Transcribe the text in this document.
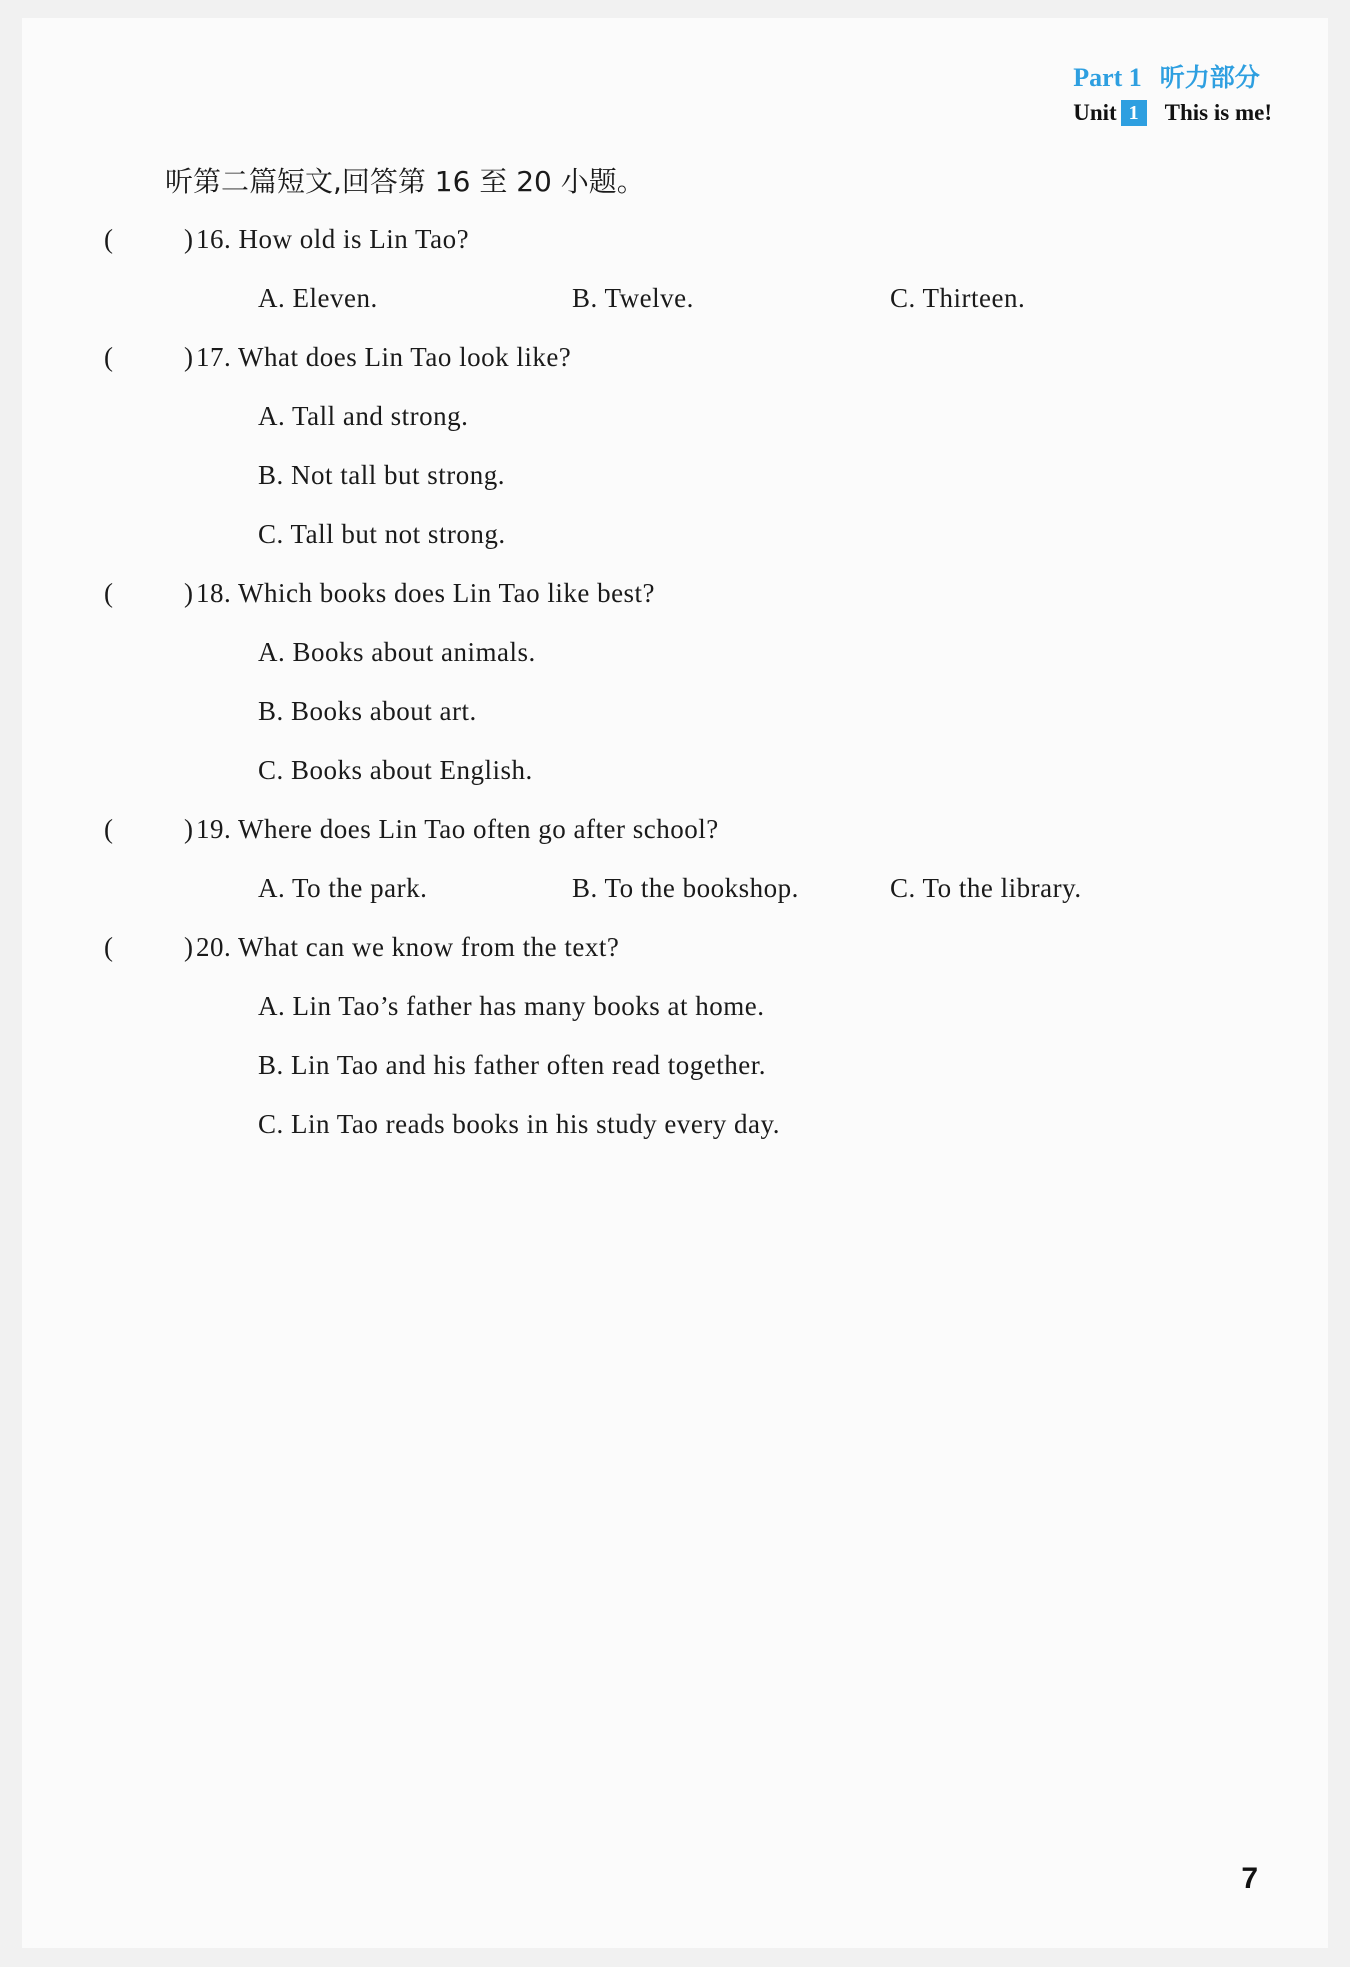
Part 1 听力部分
Unit 1 This is me!
听第二篇短文,回答第 16 至 20 小题。
(	) 16. How old is Lin Tao?
A. Eleven.	B. Twelve.	C. Thirteen.
(	) 17. What does Lin Tao look like?
A. Tall and strong.
B. Not tall but strong.
C. Tall but not strong.
(	) 18. Which books does Lin Tao like best?
A. Books about animals.
B. Books about art.
C. Books about English.
(	) 19. Where does Lin Tao often go after school?
A. To the park.	B. To the bookshop.	C. To the library.
(	) 20. What can we know from the text?
A. Lin Tao’s father has many books at home.
B. Lin Tao and his father often read together.
C. Lin Tao reads books in his study every day.
7
